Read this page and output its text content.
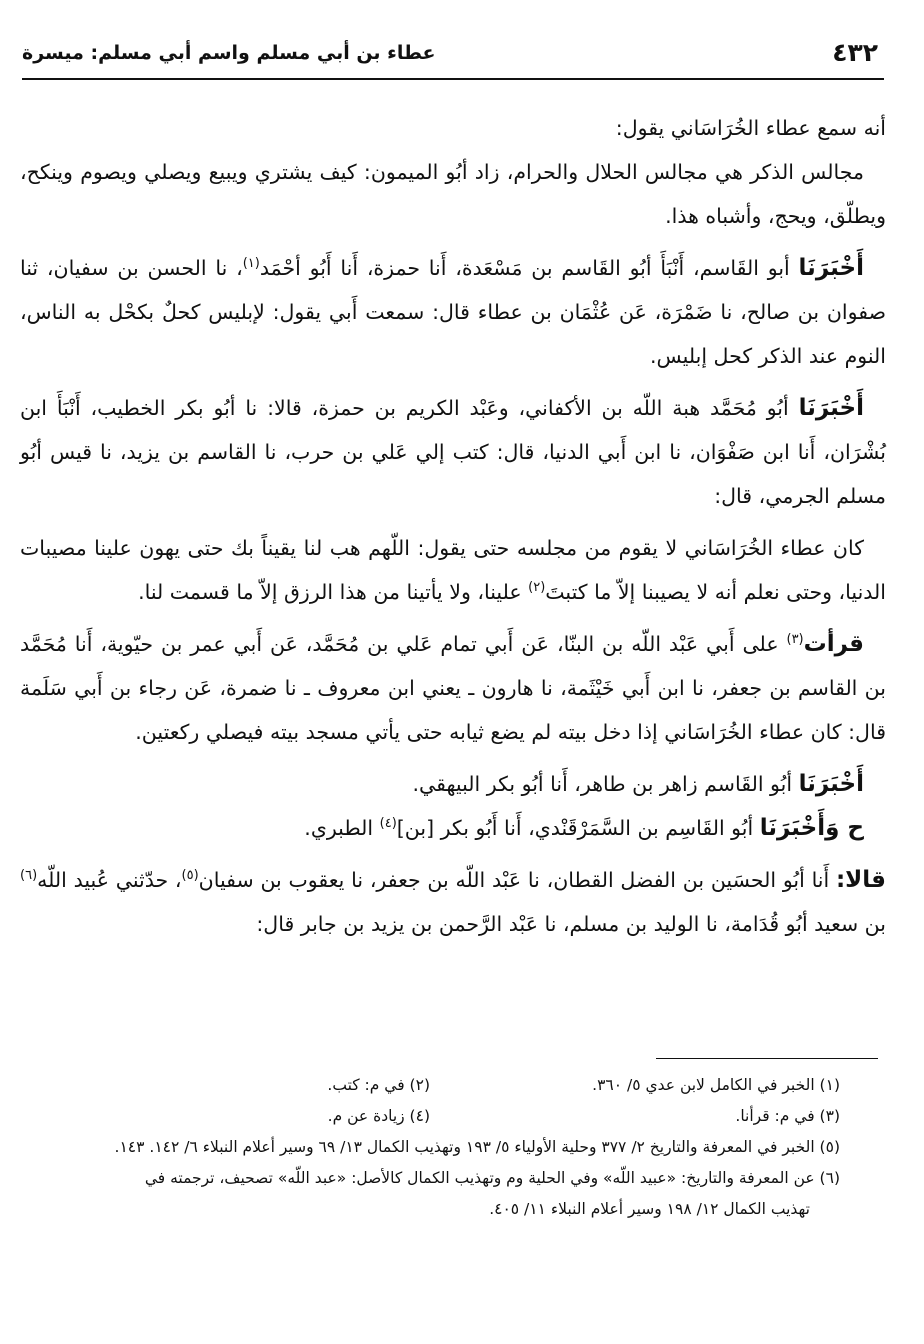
٤٣٢
عطاء بن أبي مسلم واسم أبي مسلم: ميسرة

أنه سمع عطاء الخُرَاسَاني يقول:

مجالس الذكر هي مجالس الحلال والحرام، زاد أبُو الميمون: كيف يشتري ويبيع ويصلي ويصوم وينكح، ويطلّق، ويحج، وأشباه هذا.

أَخْبَرَنَا أبو القَاسم، أَنْبَأَ أبُو القَاسم بن مَسْعَدة، أَنا حمزة، أَنا أَبُو أحْمَد$^{(١)}$، نا الحسن بن سفيان، ثنا صفوان بن صالح، نا ضَمْرَة، عَن عُثْمَان بن عطاء قال: سمعت أَبي يقول: لإبليس كحلٌ بكحْل به الناس، النوم عند الذكر كحل إبليس.

أَخْبَرَنَا أبُو مُحَمَّد هبة اللّه بن الأكفاني، وعَبْد الكريم بن حمزة، قالا: نا أبُو بكر الخطيب، أَنْبَأَ ابن بُشْرَان، أَنا ابن صَفْوَان، نا ابن أَبي الدنيا، قال: كتب إلي عَلي بن حرب، نا القاسم بن يزيد، نا قيس أبُو مسلم الجرمي، قال:

كان عطاء الخُرَاسَاني لا يقوم من مجلسه حتى يقول: اللّهم هب لنا يقيناً بك حتى يهون علينا مصيبات الدنيا، وحتى نعلم أنه لا يصيبنا إلاّ ما كتبتَ$^{(٢)}$ علينا، ولا يأتينا من هذا الرزق إلاّ ما قسمت لنا.

قرأت$^{(٣)}$ على أَبي عَبْد اللّه بن البنّا، عَن أَبي تمام عَلي بن مُحَمَّد، عَن أَبي عمر بن حيّوية، أَنا مُحَمَّد بن القاسم بن جعفر، نا ابن أَبي خَيْثَمة، نا هارون ـ يعني ابن معروف ـ نا ضمرة، عَن رجاء بن أَبي سَلَمة قال: كان عطاء الخُرَاسَاني إذا دخل بيته لم يضع ثيابه حتى يأتي مسجد بيته فيصلي ركعتين.

أَخْبَرَنَا أبُو القَاسم زاهر بن طاهر، أَنا أبُو بكر البيهقي.

ح وَأَخْبَرَنَا أبُو القَاسِم بن السَّمَرْقَنْدي، أَنا أَبُو بكر [بن]$^{(٤)}$ الطبري.

قالا: أَنا أبُو الحسَين بن الفضل القطان، نا عَبْد اللّه بن جعفر، نا يعقوب بن سفيان$^{(٥)}$، حدّثني عُبيد اللّه$^{(٦)}$ بن سعيد أبُو قُدَامة، نا الوليد بن مسلم، نا عَبْد الرَّحمن بن يزيد بن جابر قال:

(١) الخبر في الكامل لابن عدي ٥/ ٣٦٠.
(٢) في م: كتب.
(٣) في م: قرأنا.
(٤) زيادة عن م.

(٥) الخبر في المعرفة والتاريخ ٢/ ٣٧٧ وحلية الأولياء ٥/ ١٩٣ وتهذيب الكمال ١٣/ ٦٩ وسير أعلام النبلاء ٦/ ١٤٢. ١٤٣.

(٦) عن المعرفة والتاريخ: «عبيد اللّه» وفي الحلية وم وتهذيب الكمال كالأصل: «عبد اللّه» تصحيف، ترجمته في

تهذيب الكمال ١٢/ ١٩٨ وسير أعلام النبلاء ١١/ ٤٠٥.
